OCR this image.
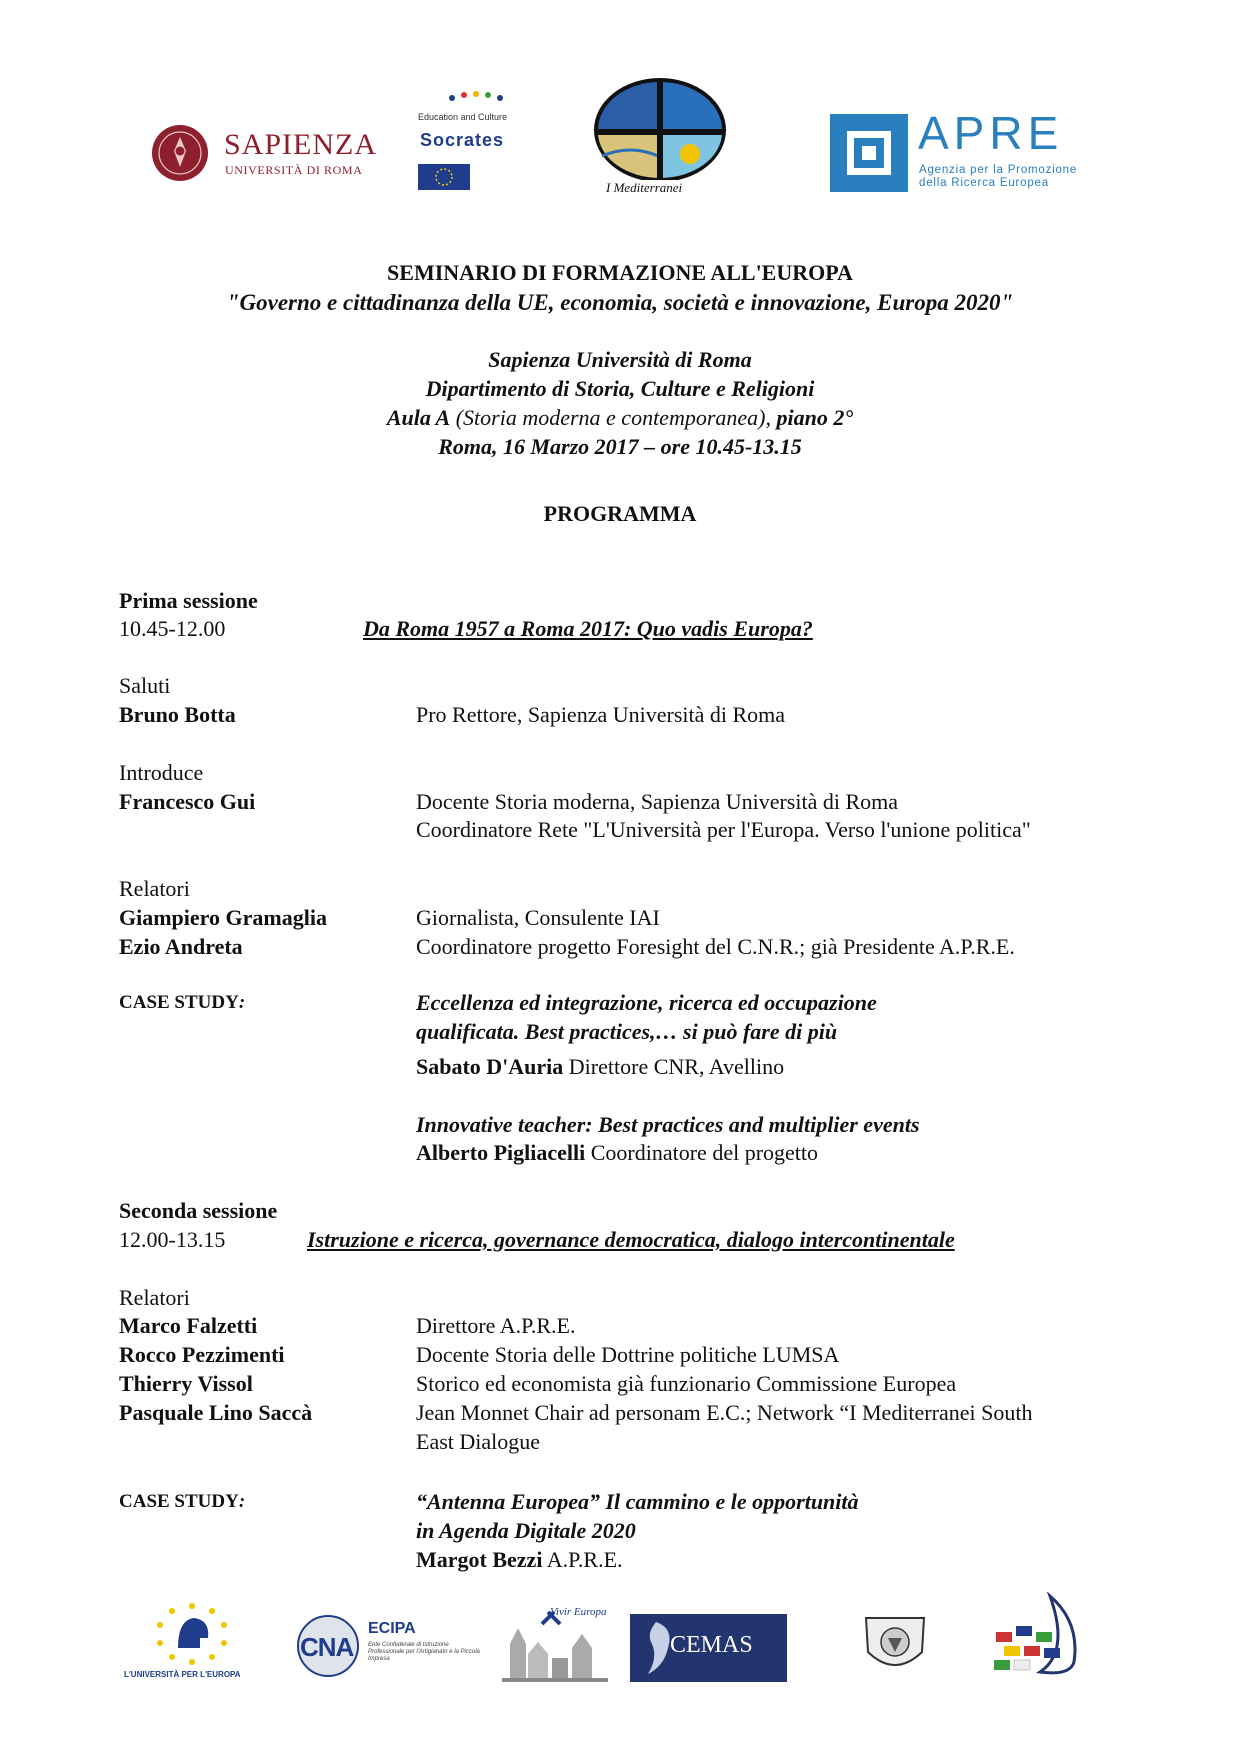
SAPIENZA
UNIVERSITÀ DI ROMA
Education and Culture
Socrates
I Mediterranei
APRE
Agenzia per la Promozione
della Ricerca Europea
SEMINARIO DI FORMAZIONE ALL'EUROPA
"Governo e cittadinanza della UE, economia, società e innovazione, Europa 2020"
Sapienza Università di Roma
Dipartimento di Storia, Culture e Religioni
Aula A (Storia moderna e contemporanea), piano 2°
Roma, 16 Marzo 2017 – ore 10.45-13.15
PROGRAMMA
Prima sessione
10.45-12.00	Da Roma 1957 a Roma 2017: Quo vadis Europa?
Saluti
Bruno Botta	Pro Rettore, Sapienza Università di Roma
Introduce
Francesco Gui	Docente Storia moderna, Sapienza Università di Roma
Coordinatore Rete "L'Università per l'Europa. Verso l'unione politica"
Relatori
Giampiero Gramaglia	Giornalista, Consulente IAI
Ezio Andreta	Coordinatore progetto Foresight del C.N.R.; già Presidente A.P.R.E.
CASE STUDY:	Eccellenza ed integrazione, ricerca ed occupazione
qualificata. Best practices,… si può fare di più
Sabato D'Auria Direttore CNR, Avellino
Innovative teacher: Best practices and multiplier events
Alberto Pigliacelli Coordinatore del progetto
Seconda sessione
12.00-13.15	Istruzione e ricerca, governance democratica, dialogo intercontinentale
Relatori
Marco Falzetti	Direttore A.P.R.E.
Rocco Pezzimenti	Docente Storia delle Dottrine politiche LUMSA
Thierry Vissol	Storico ed economista già funzionario Commissione Europea
Pasquale Lino Saccà	Jean Monnet Chair ad personam E.C.; Network “I Mediterranei South
East Dialogue
CASE STUDY:	“Antenna Europea” Il cammino e le opportunità
in Agenda Digitale 2020
Margot Bezzi A.P.R.E.
L'UNIVERSITÀ PER L'EUROPA
CNA
ECIPA
Ente Confederale di Istruzione Professionale per l'Artigianato e la Piccola Impresa
Vivir Europa
CEMAS
